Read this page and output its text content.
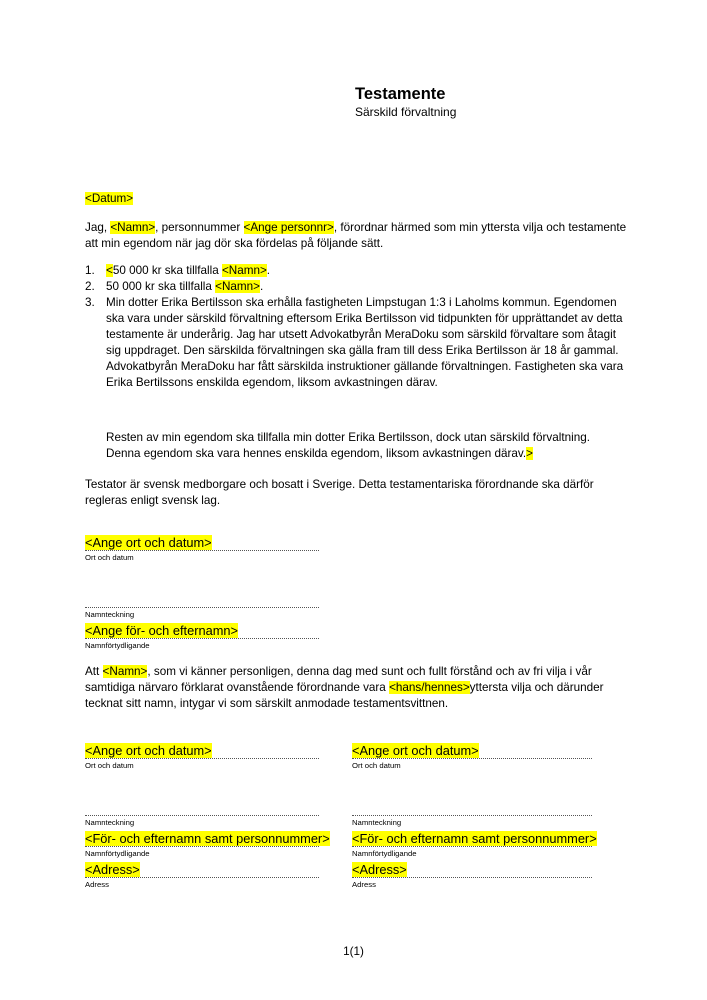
Testamente
Särskild förvaltning
<Datum>
Jag, <Namn>, personnummer <Ange personnr>, förordnar härmed som min yttersta vilja och testamente att min egendom när jag dör ska fördelas på följande sätt.
1. <50 000 kr ska tillfalla <Namn>.
2. 50 000 kr ska tillfalla <Namn>.
3. Min dotter Erika Bertilsson ska erhålla fastigheten Limpstugan 1:3 i Laholms kommun. Egendomen ska vara under särskild förvaltning eftersom Erika Bertilsson vid tidpunkten för upprättandet av detta testamente är underårig. Jag har utsett Advokatbyrån MeraDoku som särskild förvaltare som åtagit sig uppdraget. Den särskilda förvaltningen ska gälla fram till dess Erika Bertilsson är 18 år gammal. Advokatbyrån MeraDoku har fått särskilda instruktioner gällande förvaltningen. Fastigheten ska vara Erika Bertilssons enskilda egendom, liksom avkastningen därav.
Resten av min egendom ska tillfalla min dotter Erika Bertilsson, dock utan särskild förvaltning. Denna egendom ska vara hennes enskilda egendom, liksom avkastningen därav.>
Testator är svensk medborgare och bosatt i Sverige. Detta testamentariska förordnande ska därför regleras enligt svensk lag.
<Ange ort och datum>
Ort och datum
Namnteckning
<Ange för- och efternamn>
Namnförtydligande
Att <Namn>, som vi känner personligen, denna dag med sunt och fullt förstånd och av fri vilja i vår samtidiga närvaro förklarat ovanstående förordnande vara <hans/hennes>yttersta vilja och därunder tecknat sitt namn, intygar vi som särskilt anmodade testamentsvittnen.
<Ange ort och datum>
Ort och datum
Namnteckning
<För- och efternamn samt personnummer>
Namnförtydligande
<Adress>
Adress
<Ange ort och datum>
Ort och datum
Namnteckning
<För- och efternamn samt personnummer>
Namnförtydligande
<Adress>
Adress
1(1)
